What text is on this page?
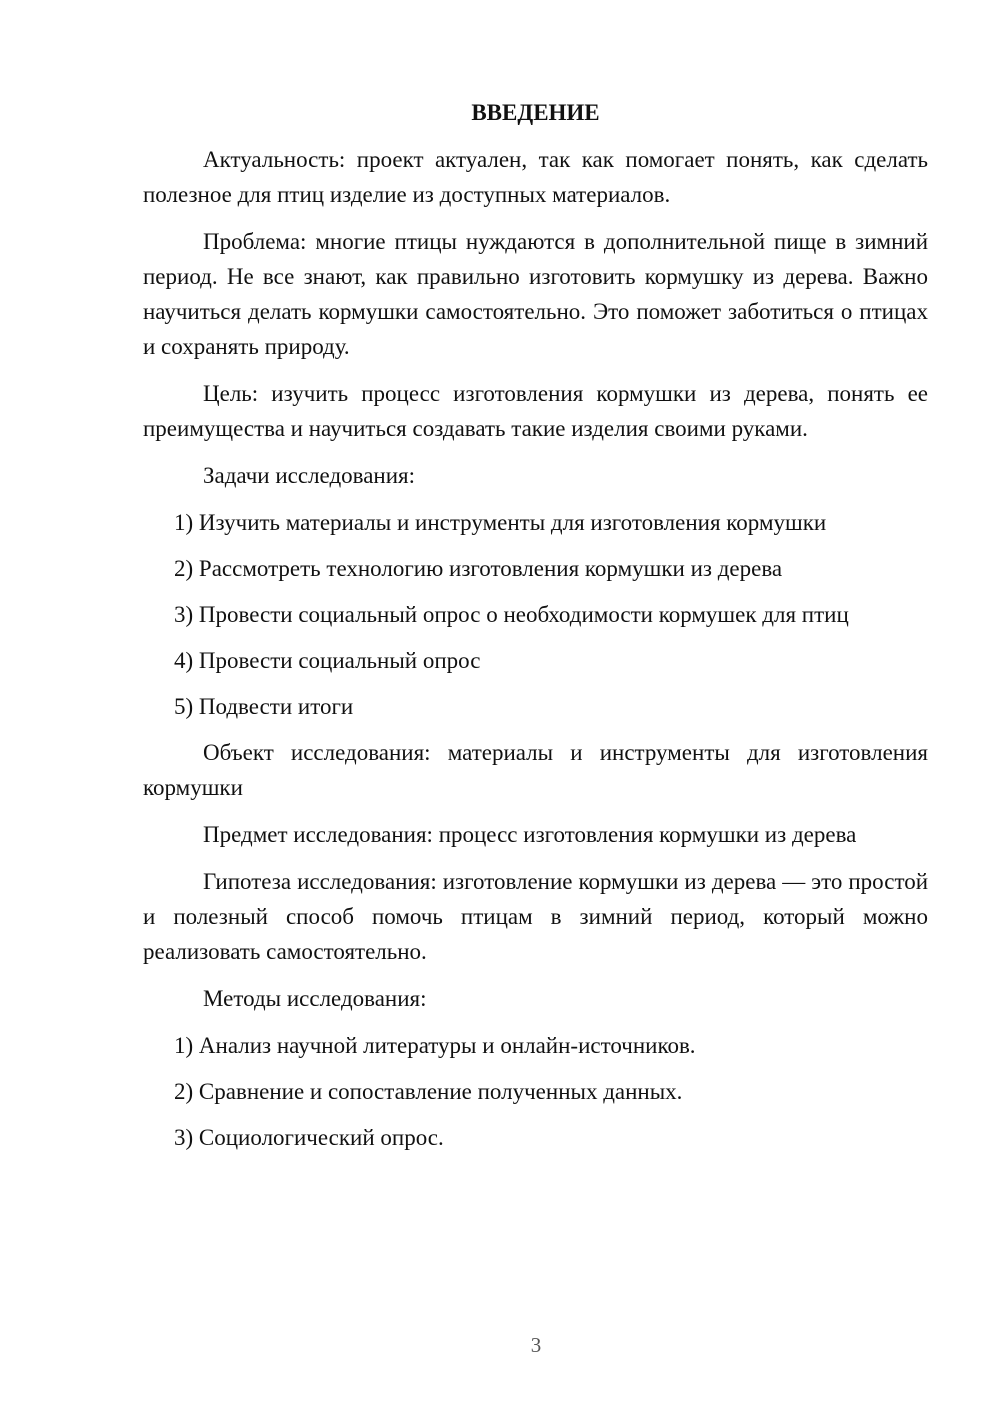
ВВЕДЕНИЕ

Актуальность: проект актуален, так как помогает понять, как сделать полезное для птиц изделие из доступных материалов.

Проблема: многие птицы нуждаются в дополнительной пище в зимний период. Не все знают, как правильно изготовить кормушку из дерева. Важно научиться делать кормушки самостоятельно. Это поможет заботиться о птицах и сохранять природу.

Цель: изучить процесс изготовления кормушки из дерева, понять ее преимущества и научиться создавать такие изделия своими руками.

Задачи исследования:

1) Изучить материалы и инструменты для изготовления кормушки

2) Рассмотреть технологию изготовления кормушки из дерева

3) Провести социальный опрос о необходимости кормушек для птиц

4) Провести социальный опрос

5) Подвести итоги

Объект исследования: материалы и инструменты для изготовления кормушки

Предмет исследования: процесс изготовления кормушки из дерева

Гипотеза исследования: изготовление кормушки из дерева — это простой и полезный способ помочь птицам в зимний период, который можно реализовать самостоятельно.

Методы исследования:

1) Анализ научной литературы и онлайн-источников.

2) Сравнение и сопоставление полученных данных.

3) Социологический опрос.

3
